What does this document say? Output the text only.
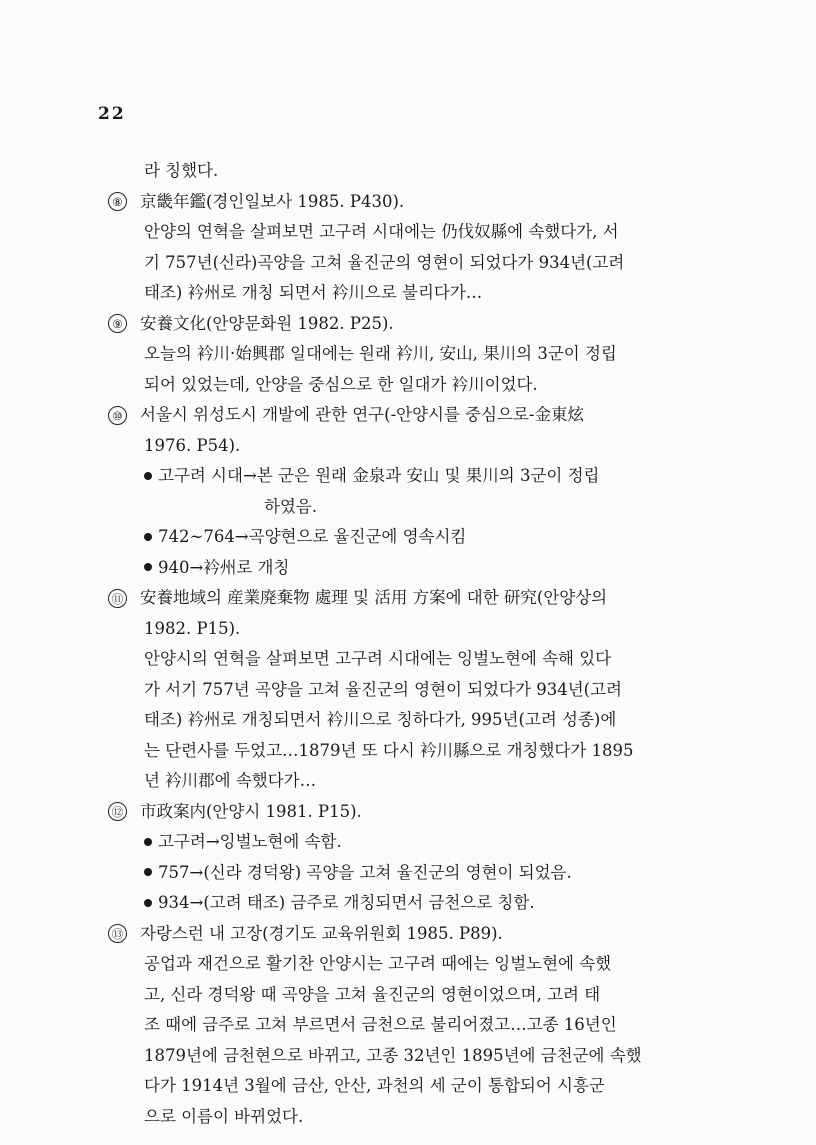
22
라 칭했다.
⑧ 京畿年鑑(경인일보사 1985. P430).
안양의 연혁을 살펴보면 고구려 시대에는 仍伐奴縣에 속했다가, 서
기 757년(신라)곡양을 고쳐 율진군의 영현이 되었다가 934년(고려
태조) 衿州로 개칭 되면서 衿川으로 불리다가…
⑨ 安養文化(안양문화원 1982. P25).
오늘의 衿川·始興郡 일대에는 원래 衿川, 安山, 果川의 3군이 정립
되어 있었는데, 안양을 중심으로 한 일대가 衿川이었다.
⑩ 서울시 위성도시 개발에 관한 연구(-안양시를 중심으로-金東炫
1976. P54).
고구려 시대→본 군은 원래 金泉과 安山 및 果川의 3군이 정립
하였음.
742∼764→곡양현으로 율진군에 영속시킴
940→衿州로 개칭
⑪ 安養地域의 産業廃棄物 處理 및 活用 方案에 대한 研究(안양상의
1982. P15).
안양시의 연혁을 살펴보면 고구려 시대에는 잉벌노현에 속해 있다
가 서기 757년 곡양을 고쳐 율진군의 영현이 되었다가 934년(고려
태조) 衿州로 개칭되면서 衿川으로 칭하다가, 995년(고려 성종)에
는 단련사를 두었고…1879년 또 다시 衿川縣으로 개칭했다가 1895
년 衿川郡에 속했다가…
⑫ 市政案内(안양시 1981. P15).
고구려→잉벌노현에 속함.
757→(신라 경덕왕) 곡양을 고쳐 율진군의 영현이 되었음.
934→(고려 태조) 금주로 개칭되면서 금천으로 칭함.
⑬ 자랑스런 내 고장(경기도 교육위원회 1985. P89).
공업과 재건으로 활기찬 안양시는 고구려 때에는 잉벌노현에 속했
고, 신라 경덕왕 때 곡양을 고쳐 율진군의 영현이었으며, 고려 태
조 때에 금주로 고쳐 부르면서 금천으로 불리어졌고…고종 16년인
1879년에 금천현으로 바뀌고, 고종 32년인 1895년에 금천군에 속했
다가 1914년 3월에 금산, 안산, 과천의 세 군이 통합되어 시흥군
으로 이름이 바뀌었다.
